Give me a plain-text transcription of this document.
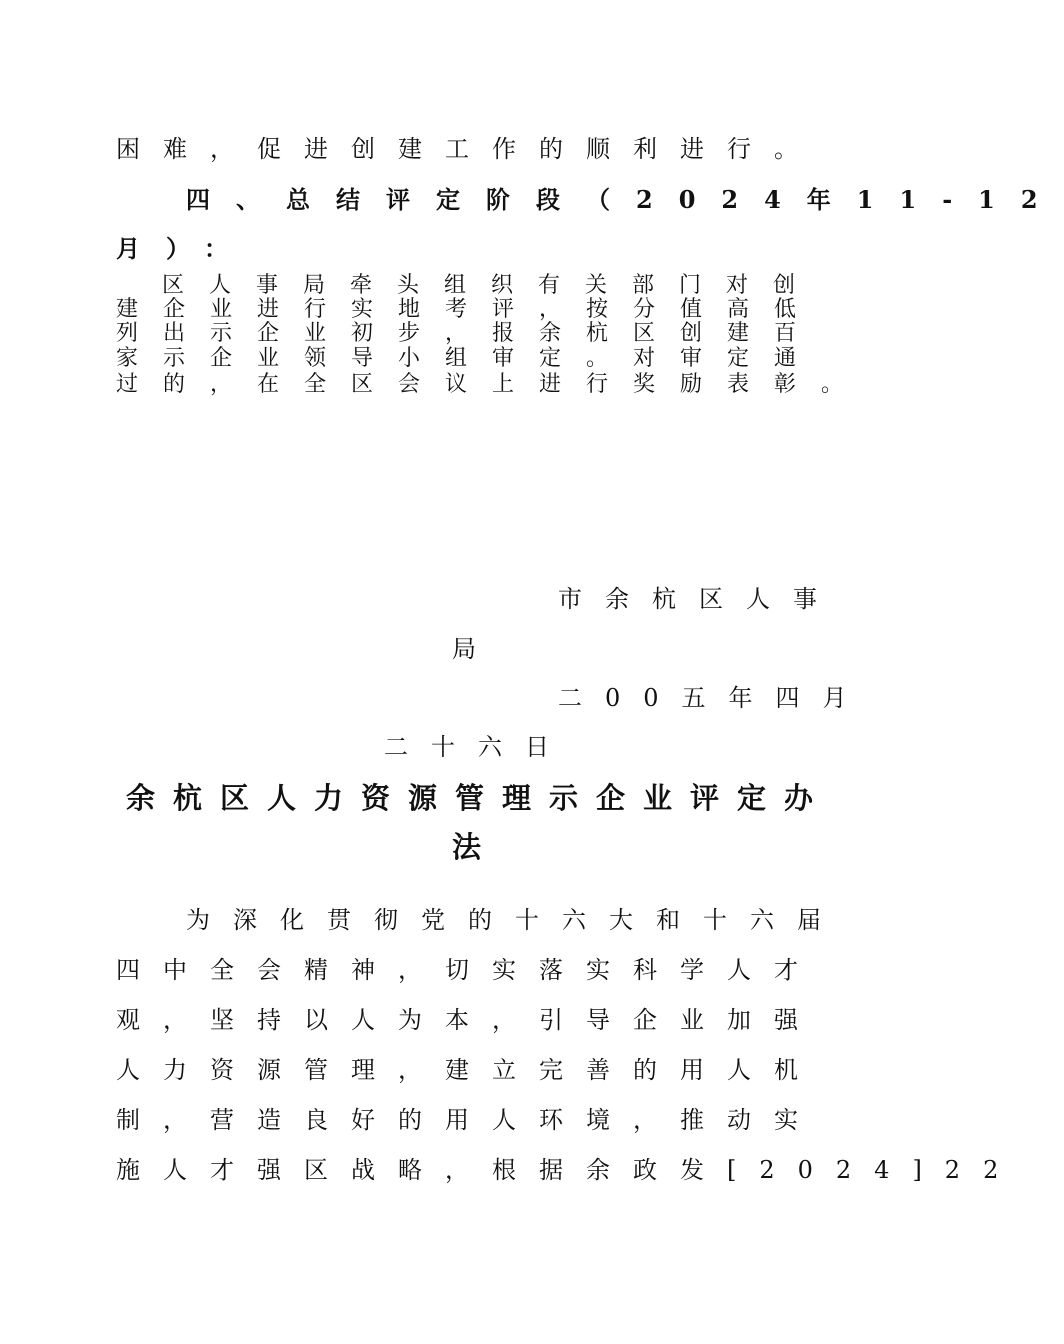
困难，促进创建工作的顺利进行。
四、总结评定阶段（2024年11-12
月）：
区人事局牵头组织有关部门对创
建企业进行实地考评，按分值高低
列出示企业初步，报余杭区创建百
家示企业领导小组审定。对审定通
过的，在全区会议上进行奖励表彰。
市余杭区人事
局
二00五年四月
二十六日
余杭区人力资源管理示企业评定办
法
为深化贯彻党的十六大和十六届
四中全会精神，切实落实科学人才
观，坚持以人为本，引导企业加强
人力资源管理，建立完善的用人机
制，营造良好的用人环境，推动实
施人才强区战略，根据余政发[2024]22
